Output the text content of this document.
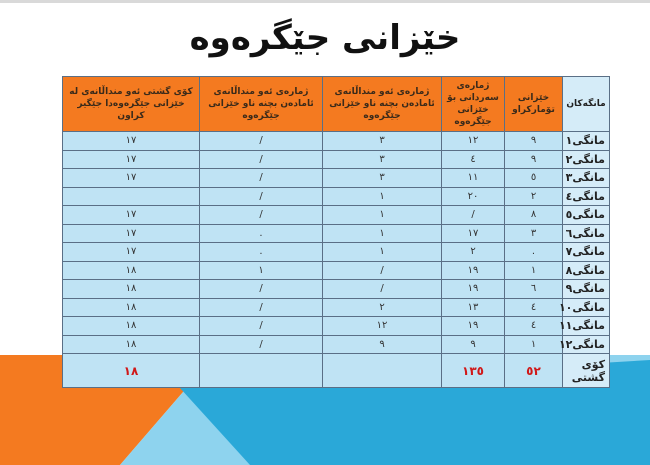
خێزانی جێگرەوە
مانگەکان	خێزانی تۆمارکراو	ژمارەی سەردانی بۆ خێزانی جێگرەوە	ژمارەی ئەو منداڵانەی ئامادەن بچنە ناو خێزانی جێگرەوە	ژمارەی ئەو منداڵانەی ئامادەن بچنە ناو خێزانی جێگرەوە	کۆی گشتی ئەو منداڵانەی لە خێزانی جێگرەوەدا جێگیر کراون
مانگی١	٩	١٢	٣	/	١٧
مانگی٢	٩	٤	٣	/	١٧
مانگی٣	٥	١١	٣	/	١٧
مانگی٤	٢	٢٠	١	/	
مانگی٥	٨	/	١	/	١٧
مانگی٦	٣	١٧	١	.	١٧
مانگی٧	.	٢	١	.	١٧
مانگی٨	١	١٩	/	١	١٨
مانگی٩	٦	١٩	/	/	١٨
مانگی١٠	٤	١٣	٢	/	١٨
مانگی١١	٤	١٩	١٢	/	١٨
مانگی١٢	١	٩	٩	/	١٨
کۆی گشتی	٥٢	١٣٥			١٨
